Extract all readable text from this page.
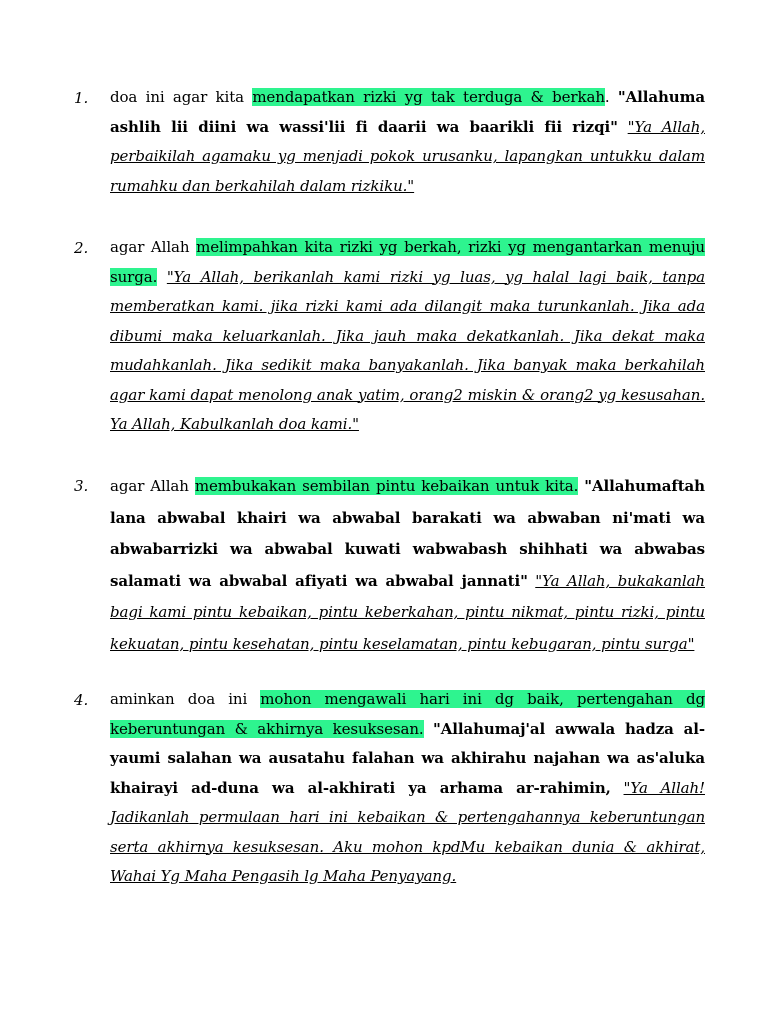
1. doa ini agar kita mendapatkan rizki yg tak terduga & berkah. "Allahuma ashlih lii diini wa wassi'lii fi daarii wa baarikli fii rizqi" "Ya Allah, perbaikilah agamaku yg menjadi pokok urusanku, lapangkan untukku dalam rumahku dan berkahilah dalam rizkiku."
2. agar Allah melimpahkan kita rizki yg berkah, rizki yg mengantarkan menuju surga. "Ya Allah, berikanlah kami rizki yg luas, yg halal lagi baik, tanpa memberatkan kami. jika rizki kami ada dilangit maka turunkanlah. Jika ada dibumi maka keluarkanlah. Jika jauh maka dekatkanlah. Jika dekat maka mudahkanlah. Jika sedikit maka banyakanlah. Jika banyak maka berkahilah agar kami dapat menolong anak yatim, orang2 miskin & orang2 yg kesusahan. Ya Allah, Kabulkanlah doa kami."
3. agar Allah membukakan sembilan pintu kebaikan untuk kita. "Allahumaftah lana abwabal khairi wa abwabal barakati wa abwaban ni'mati wa abwabarrizki wa abwabal kuwati wabwabash shihhati wa abwabas salamati wa abwabal afiyati wa abwabal jannati" "Ya Allah, bukakanlah bagi kami pintu kebaikan, pintu keberkahan, pintu nikmat, pintu rizki, pintu kekuatan, pintu kesehatan, pintu keselamatan, pintu kebugaran, pintu surga"
4. aminkan doa ini mohon mengawali hari ini dg baik, pertengahan dg keberuntungan & akhirnya kesuksesan. "Allahumaj'al awwala hadza al-yaumi salahan wa ausatahu falahan wa akhirahu najahan wa as'aluka khairayi ad-duna wa al-akhirati ya arhama ar-rahimin, "Ya Allah! Jadikanlah permulaan hari ini kebaikan & pertengahannya keberuntungan serta akhirnya kesuksesan. Aku mohon kpdMu kebaikan dunia & akhirat, Wahai Yg Maha Pengasih lg Maha Penyayang.
